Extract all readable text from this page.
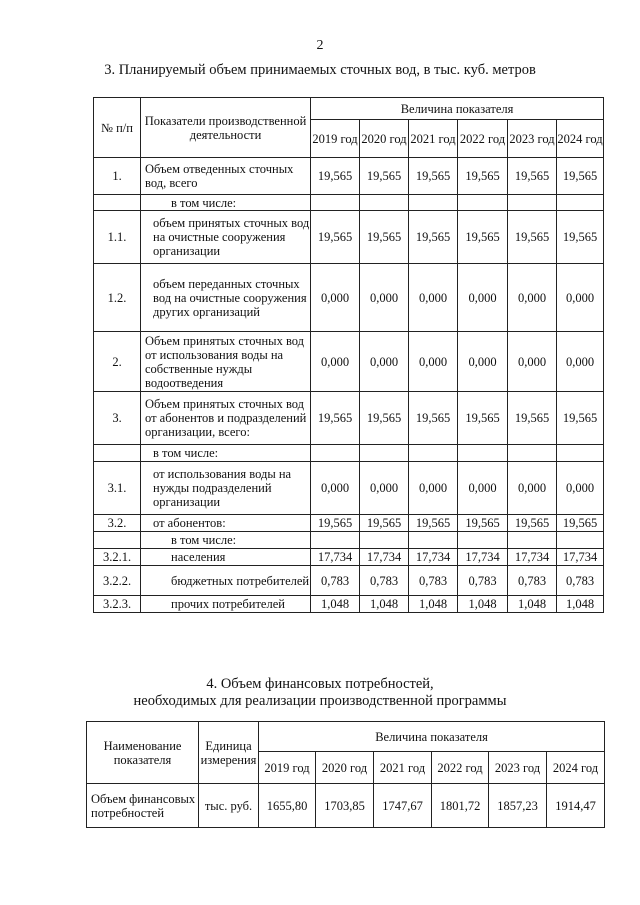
2
3. Планируемый объем принимаемых сточных вод, в тыс. куб. метров
№ п/п	Показатели производственной деятельности	Величина показателя					
		2019 год	2020 год	2021 год	2022 год	2023 год	2024 год
1.	Объем отведенных сточных вод, всего	19,565	19,565	19,565	19,565	19,565	19,565
	в том числе:						
1.1.	объем принятых сточных вод на очистные сооружения организации	19,565	19,565	19,565	19,565	19,565	19,565
1.2.	объем переданных сточных вод на очистные сооружения других организаций	0,000	0,000	0,000	0,000	0,000	0,000
2.	Объем принятых сточных вод от использования воды на собственные нужды водоотведения	0,000	0,000	0,000	0,000	0,000	0,000
3.	Объем принятых сточных вод от абонентов и подразделений организации, всего:	19,565	19,565	19,565	19,565	19,565	19,565
	в том числе:						
3.1.	от использования воды на нужды подразделений организации	0,000	0,000	0,000	0,000	0,000	0,000
3.2.	от абонентов:	19,565	19,565	19,565	19,565	19,565	19,565
	в том числе:						
3.2.1.	населения	17,734	17,734	17,734	17,734	17,734	17,734
3.2.2.	бюджетных потребителей	0,783	0,783	0,783	0,783	0,783	0,783
3.2.3.	прочих потребителей	1,048	1,048	1,048	1,048	1,048	1,048
4. Объем финансовых потребностей,
необходимых для реализации производственной программы
Наименование показателя	Единица измерения	Величина показателя					
		2019 год	2020 год	2021 год	2022 год	2023 год	2024 год
Объем финансовых потребностей	тыс. руб.	1655,80	1703,85	1747,67	1801,72	1857,23	1914,47
